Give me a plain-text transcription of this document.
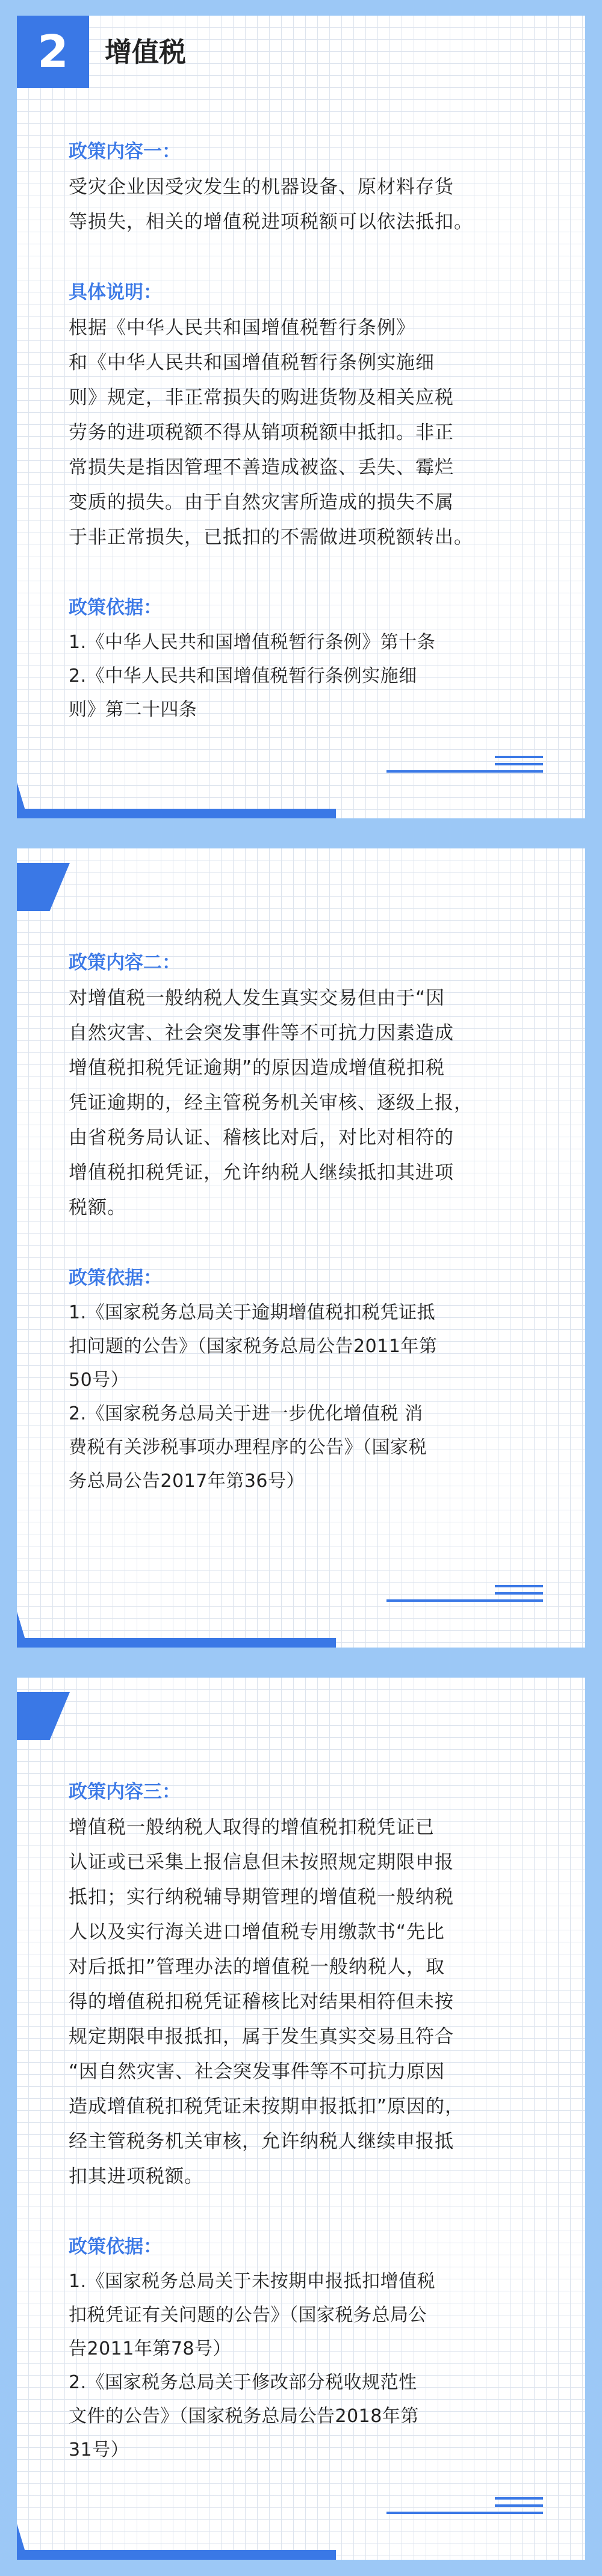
2	增值税
政策内容一：
受灾企业因受灾发生的机器设备、原材料存货
等损失，相关的增值税进项税额可以依法抵扣。
具体说明：
根据《中华人民共和国增值税暂行条例》
和《中华人民共和国增值税暂行条例实施细
则》规定，非正常损失的购进货物及相关应税
劳务的进项税额不得从销项税额中抵扣。非正
常损失是指因管理不善造成被盗、丢失、霉烂
变质的损失。由于自然灾害所造成的损失不属
于非正常损失，已抵扣的不需做进项税额转出。
政策依据：
1.《中华人民共和国增值税暂行条例》第十条
2.《中华人民共和国增值税暂行条例实施细
则》第二十四条
政策内容二：
对增值税一般纳税人发生真实交易但由于“因
自然灾害、社会突发事件等不可抗力因素造成
增值税扣税凭证逾期”的原因造成增值税扣税
凭证逾期的，经主管税务机关审核、逐级上报，
由省税务局认证、稽核比对后，对比对相符的
增值税扣税凭证，允许纳税人继续抵扣其进项
税额。
政策依据：
1.《国家税务总局关于逾期增值税扣税凭证抵
扣问题的公告》（国家税务总局公告2011年第
50号）
2.《国家税务总局关于进一步优化增值税 消
费税有关涉税事项办理程序的公告》（国家税
务总局公告2017年第36号）
政策内容三：
增值税一般纳税人取得的增值税扣税凭证已
认证或已采集上报信息但未按照规定期限申报
抵扣；实行纳税辅导期管理的增值税一般纳税
人以及实行海关进口增值税专用缴款书“先比
对后抵扣”管理办法的增值税一般纳税人，取
得的增值税扣税凭证稽核比对结果相符但未按
规定期限申报抵扣，属于发生真实交易且符合
“因自然灾害、社会突发事件等不可抗力原因
造成增值税扣税凭证未按期申报抵扣”原因的，
经主管税务机关审核，允许纳税人继续申报抵
扣其进项税额。
政策依据：
1.《国家税务总局关于未按期申报抵扣增值税
扣税凭证有关问题的公告》（国家税务总局公
告2011年第78号）
2.《国家税务总局关于修改部分税收规范性
文件的公告》（国家税务总局公告2018年第
31号）
